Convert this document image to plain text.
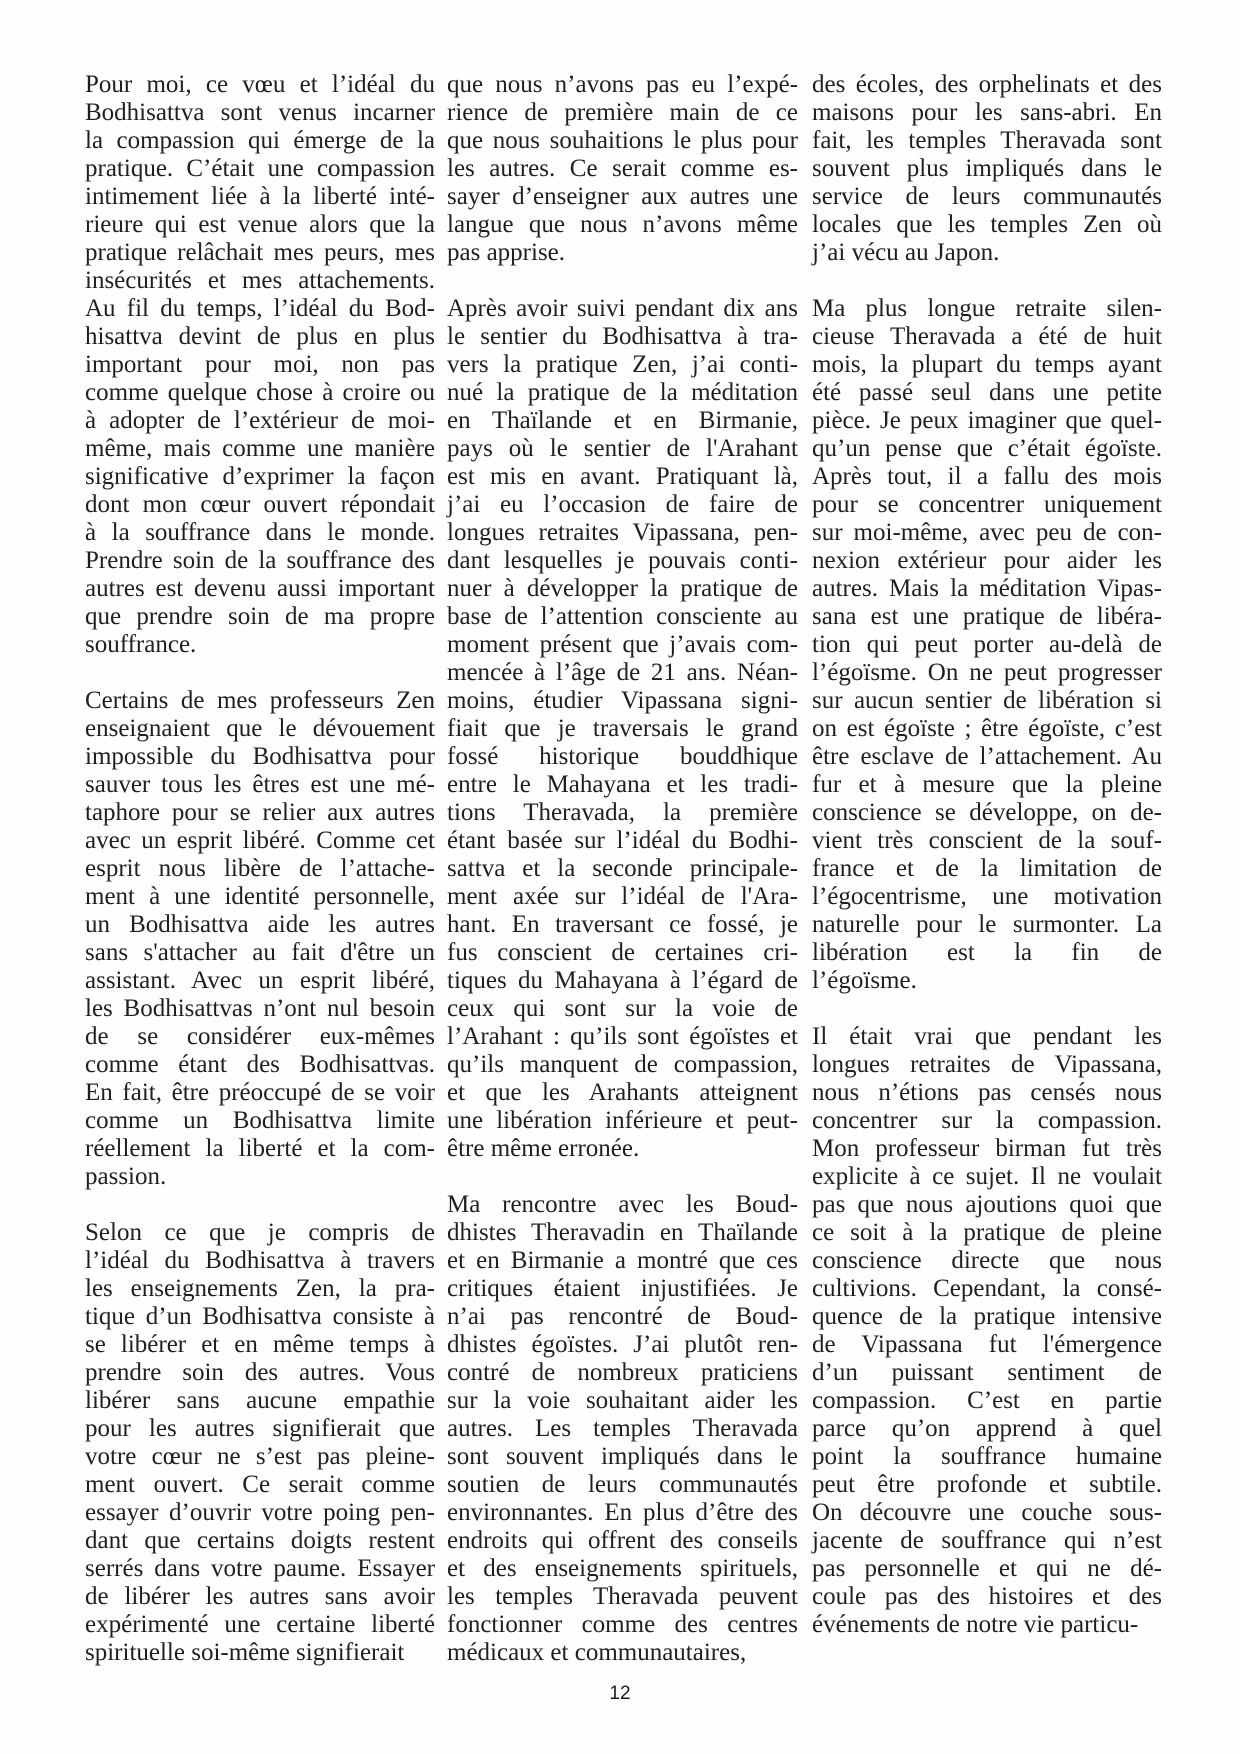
Pour moi, ce vœu et l’idéal du
Bodhisattva sont venus incarner
la compassion qui émerge de la
pratique. C’était une compassion
intimement liée à la liberté inté-
rieure qui est venue alors que la
pratique relâchait mes peurs, mes
insécurités et mes attachements.
Au fil du temps, l’idéal du Bod-
hisattva devint de plus en plus
important pour moi, non pas
comme quelque chose à croire ou
à adopter de l’extérieur de moi-
même, mais comme une manière
significative d’exprimer la façon
dont mon cœur ouvert répondait
à la souffrance dans le monde.
Prendre soin de la souffrance des
autres est devenu aussi important
que prendre soin de ma propre
souffrance.
Certains de mes professeurs Zen
enseignaient que le dévouement
impossible du Bodhisattva pour
sauver tous les êtres est une mé-
taphore pour se relier aux autres
avec un esprit libéré. Comme cet
esprit nous libère de l’attache-
ment à une identité personnelle,
un Bodhisattva aide les autres
sans s'attacher au fait d'être un
assistant. Avec un esprit libéré,
les Bodhisattvas n’ont nul besoin
de se considérer eux-mêmes
comme étant des Bodhisattvas.
En fait, être préoccupé de se voir
comme un Bodhisattva limite
réellement la liberté et la com-
passion.
Selon ce que je compris de
l’idéal du Bodhisattva à travers
les enseignements Zen, la pra-
tique d’un Bodhisattva consiste à
se libérer et en même temps à
prendre soin des autres. Vous
libérer sans aucune empathie
pour les autres signifierait que
votre cœur ne s’est pas pleine-
ment ouvert. Ce serait comme
essayer d’ouvrir votre poing pen-
dant que certains doigts restent
serrés dans votre paume. Essayer
de libérer les autres sans avoir
expérimenté une certaine liberté
spirituelle soi-même signifierait
que nous n’avons pas eu l’expé-
rience de première main de ce
que nous souhaitions le plus pour
les autres. Ce serait comme es-
sayer d’enseigner aux autres une
langue que nous n’avons même
pas apprise.
Après avoir suivi pendant dix ans
le sentier du Bodhisattva à tra-
vers la pratique Zen, j’ai conti-
nué la pratique de la méditation
en Thaïlande et en Birmanie,
pays où le sentier de l'Arahant
est mis en avant. Pratiquant là,
j’ai eu l’occasion de faire de
longues retraites Vipassana, pen-
dant lesquelles je pouvais conti-
nuer à développer la pratique de
base de l’attention consciente au
moment présent que j’avais com-
mencée à l’âge de 21 ans. Néan-
moins, étudier Vipassana signi-
fiait que je traversais le grand
fossé historique bouddhique
entre le Mahayana et les tradi-
tions Theravada, la première
étant basée sur l’idéal du Bodhi-
sattva et la seconde principale-
ment axée sur l’idéal de l'Ara-
hant. En traversant ce fossé, je
fus conscient de certaines cri-
tiques du Mahayana à l’égard de
ceux qui sont sur la voie de
l’Arahant : qu’ils sont égoïstes et
qu’ils manquent de compassion,
et que les Arahants atteignent
une libération inférieure et peut-
être même erronée.
Ma rencontre avec les Boud-
dhistes Theravadin en Thaïlande
et en Birmanie a montré que ces
critiques étaient injustifiées. Je
n’ai pas rencontré de Boud-
dhistes égoïstes. J’ai plutôt ren-
contré de nombreux praticiens
sur la voie souhaitant aider les
autres. Les temples Theravada
sont souvent impliqués dans le
soutien de leurs communautés
environnantes. En plus d’être des
endroits qui offrent des conseils
et des enseignements spirituels,
les temples Theravada peuvent
fonctionner comme des centres
médicaux et communautaires,
des écoles, des orphelinats et des
maisons pour les sans-abri. En
fait, les temples Theravada sont
souvent plus impliqués dans le
service de leurs communautés
locales que les temples Zen où
j’ai vécu au Japon.
Ma plus longue retraite silen-
cieuse Theravada a été de huit
mois, la plupart du temps ayant
été passé seul dans une petite
pièce. Je peux imaginer que quel-
qu’un pense que c’était égoïste.
Après tout, il a fallu des mois
pour se concentrer uniquement
sur moi-même, avec peu de con-
nexion extérieur pour aider les
autres. Mais la méditation Vipas-
sana est une pratique de libéra-
tion qui peut porter au-delà de
l’égoïsme. On ne peut progresser
sur aucun sentier de libération si
on est égoïste ; être égoïste, c’est
être esclave de l’attachement. Au
fur et à mesure que la pleine
conscience se développe, on de-
vient très conscient de la souf-
france et de la limitation de
l’égocentrisme, une motivation
naturelle pour le surmonter. La
libération est la fin de
l’égoïsme.
Il était vrai que pendant les
longues retraites de Vipassana,
nous n’étions pas censés nous
concentrer sur la compassion.
Mon professeur birman fut très
explicite à ce sujet. Il ne voulait
pas que nous ajoutions quoi que
ce soit à la pratique de pleine
conscience directe que nous
cultivions. Cependant, la consé-
quence de la pratique intensive
de Vipassana fut l'émergence
d’un puissant sentiment de
compassion. C’est en partie
parce qu’on apprend à quel
point la souffrance humaine
peut être profonde et subtile.
On découvre une couche sous-
jacente de souffrance qui n’est
pas personnelle et qui ne dé-
coule pas des histoires et des
événements de notre vie particu-
12
